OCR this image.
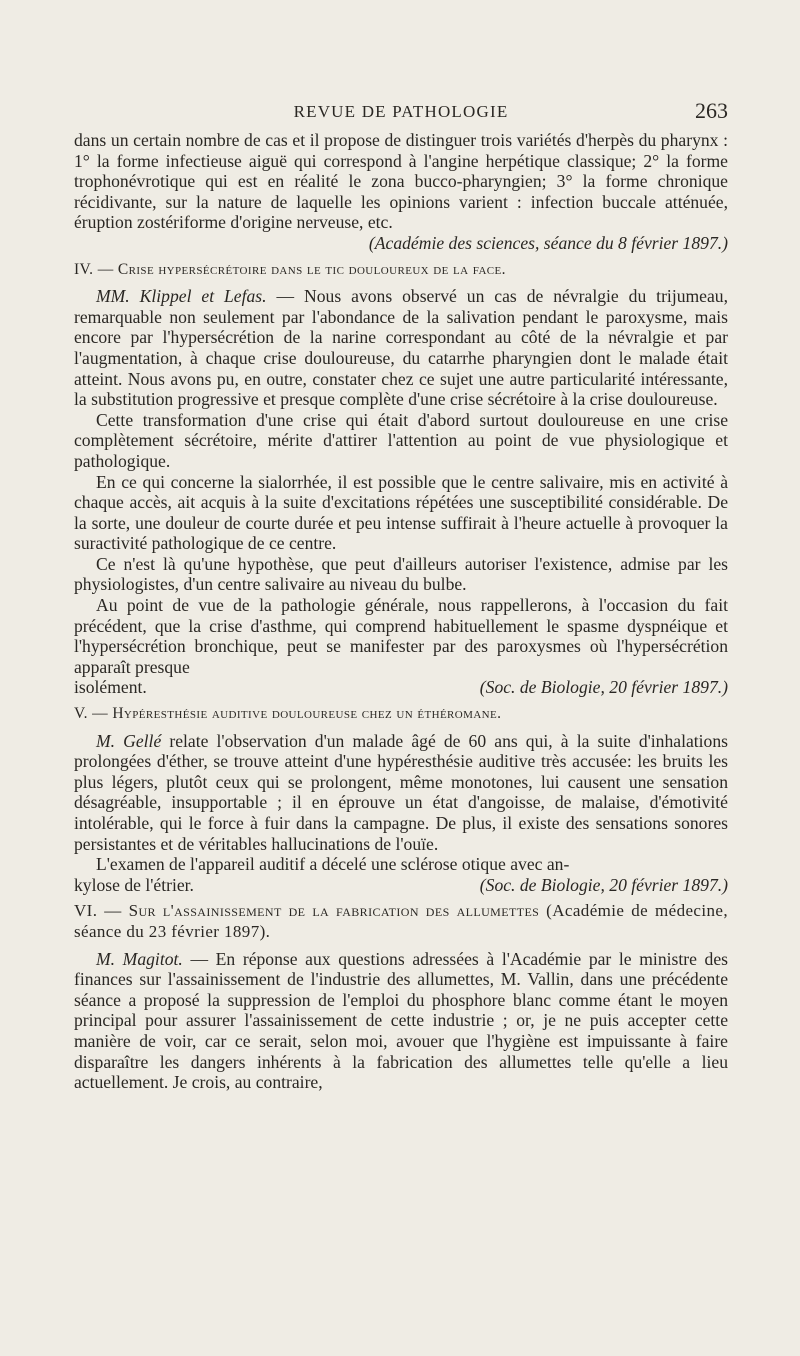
REVUE DE PATHOLOGIE	263

dans un certain nombre de cas et il propose de distinguer trois variétés d'herpès du pharynx : 1° la forme infectieuse aiguë qui correspond à l'angine herpétique classique; 2° la forme trophonévrotique qui est en réalité le zona bucco-pharyngien; 3° la forme chronique récidivante, sur la nature de laquelle les opinions varient : infection buccale atténuée, éruption zostériforme d'origine nerveuse, etc.

(Académie des sciences, séance du 8 février 1897.)

IV. — Crise hypersécrétoire dans le tic douloureux de la face.

MM. Klippel et Lefas. — Nous avons observé un cas de névralgie du trijumeau, remarquable non seulement par l'abondance de la salivation pendant le paroxysme, mais encore par l'hypersécrétion de la narine correspondant au côté de la névralgie et par l'augmentation, à chaque crise douloureuse, du catarrhe pharyngien dont le malade était atteint. Nous avons pu, en outre, constater chez ce sujet une autre particularité intéressante, la substitution progressive et presque complète d'une crise sécrétoire à la crise douloureuse.

Cette transformation d'une crise qui était d'abord surtout douloureuse en une crise complètement sécrétoire, mérite d'attirer l'attention au point de vue physiologique et pathologique.

En ce qui concerne la sialorrhée, il est possible que le centre salivaire, mis en activité à chaque accès, ait acquis à la suite d'excitations répétées une susceptibilité considérable. De la sorte, une douleur de courte durée et peu intense suffirait à l'heure actuelle à provoquer la suractivité pathologique de ce centre.

Ce n'est là qu'une hypothèse, que peut d'ailleurs autoriser l'existence, admise par les physiologistes, d'un centre salivaire au niveau du bulbe.

Au point de vue de la pathologie générale, nous rappellerons, à l'occasion du fait précédent, que la crise d'asthme, qui comprend habituellement le spasme dyspnéique et l'hypersécrétion bronchique, peut se manifester par des paroxysmes où l'hypersécrétion apparaît presque

isolément.	(Soc. de Biologie, 20 février 1897.)

V. — Hypéresthésie auditive douloureuse chez un éthéromane.

M. Gellé relate l'observation d'un malade âgé de 60 ans qui, à la suite d'inhalations prolongées d'éther, se trouve atteint d'une hypéresthésie auditive très accusée: les bruits les plus légers, plutôt ceux qui se prolongent, même monotones, lui causent une sensation désagréable, insupportable ; il en éprouve un état d'angoisse, de malaise, d'émotivité intolérable, qui le force à fuir dans la campagne. De plus, il existe des sensations sonores persistantes et de véritables hallucinations de l'ouïe.

L'examen de l'appareil auditif a décelé une sclérose otique avec an-

kylose de l'étrier.	(Soc. de Biologie, 20 février 1897.)

VI. — Sur l'assainissement de la fabrication des allumettes (Académie de médecine, séance du 23 février 1897).

M. Magitot. — En réponse aux questions adressées à l'Académie par le ministre des finances sur l'assainissement de l'industrie des allumettes, M. Vallin, dans une précédente séance a proposé la suppression de l'emploi du phosphore blanc comme étant le moyen principal pour assurer l'assainissement de cette industrie ; or, je ne puis accepter cette manière de voir, car ce serait, selon moi, avouer que l'hygiène est impuissante à faire disparaître les dangers inhérents à la fabrication des allumettes telle qu'elle a lieu actuellement. Je crois, au contraire,
